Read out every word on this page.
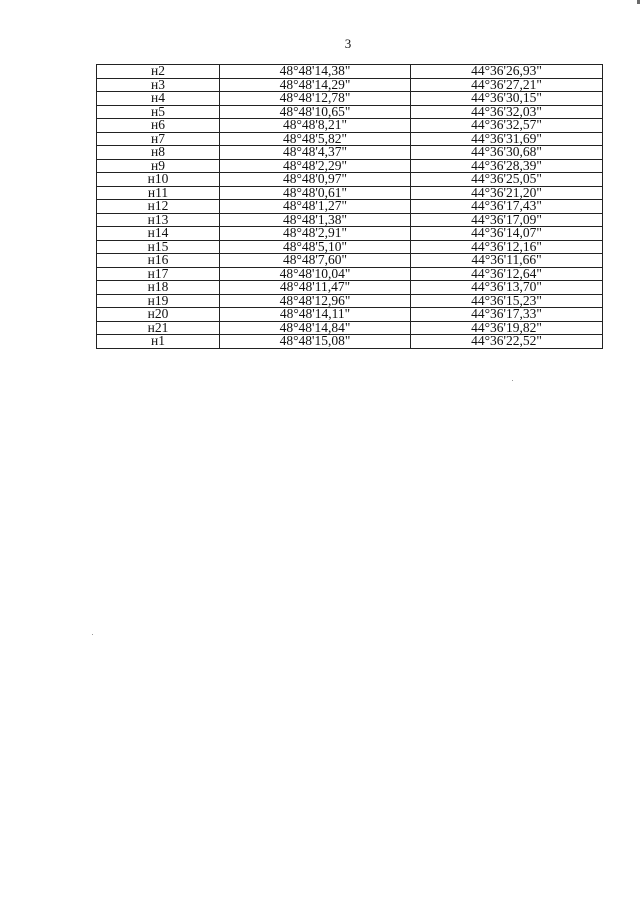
3
н2	48°48'14,38"	44°36'26,93"
н3	48°48'14,29"	44°36'27,21"
н4	48°48'12,78"	44°36'30,15"
н5	48°48'10,65"	44°36'32,03"
н6	48°48'8,21"	44°36'32,57"
н7	48°48'5,82"	44°36'31,69"
н8	48°48'4,37"	44°36'30,68"
н9	48°48'2,29"	44°36'28,39"
н10	48°48'0,97"	44°36'25,05"
н11	48°48'0,61"	44°36'21,20"
н12	48°48'1,27"	44°36'17,43"
н13	48°48'1,38"	44°36'17,09"
н14	48°48'2,91"	44°36'14,07"
н15	48°48'5,10"	44°36'12,16"
н16	48°48'7,60"	44°36'11,66"
н17	48°48'10,04"	44°36'12,64"
н18	48°48'11,47"	44°36'13,70"
н19	48°48'12,96"	44°36'15,23"
н20	48°48'14,11"	44°36'17,33"
н21	48°48'14,84"	44°36'19,82"
н1	48°48'15,08"	44°36'22,52"
